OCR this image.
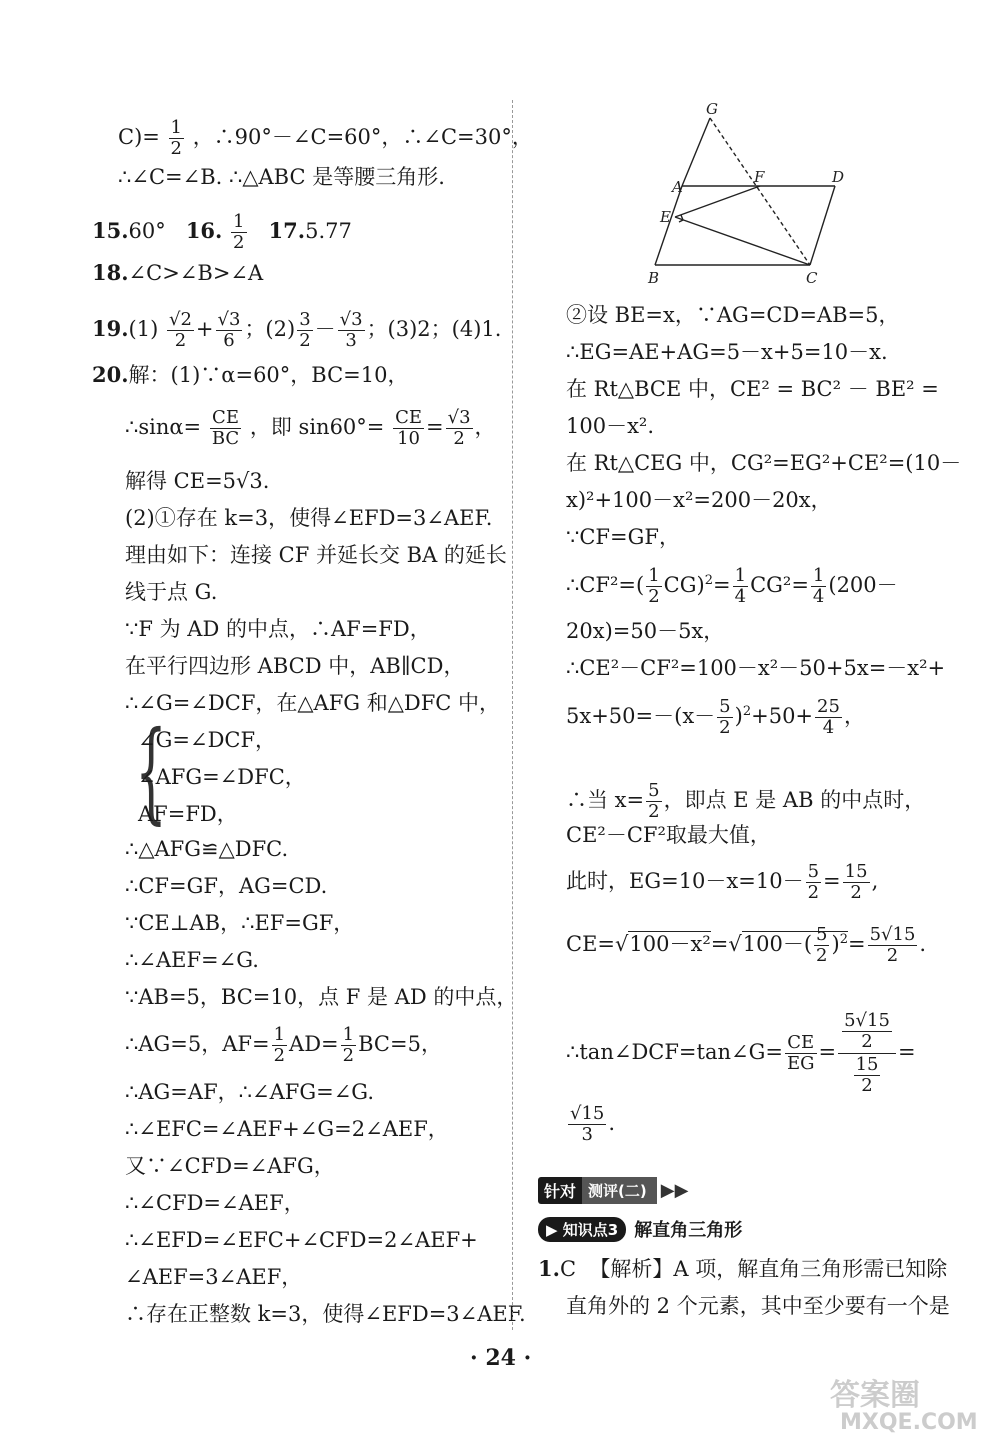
$C)= \frac{1}{2}$ ，∴90°－∠C=60°，∴∠C=30°，
∴∠C=∠B. ∴△ABC 是等腰三角形.
15.60° 16. $\frac{1}{2} 17.5.77$
18.∠C>∠B>∠A
$19.(1) \frac{√2}{2} + \frac{√3}{6}$ ；$(2) \frac{3}{2} - \frac{√3}{3}$ ；(3)2；(4)1.
20.解：(1)∵α=60°，BC=10，
∴sinα= $\frac{CE}{BC}$ ，即 $\sin 60^\circ= \frac{CE}{10} = \frac{√3}{2}$ ，
解得 CE=5√3.
(2)①存在 k=3，使得∠EFD=3∠AEF.
理由如下：连接 CF 并延长交 BA 的延长
线于点 G.
∵F 为 AD 的中点，∴AF=FD，
在平行四边形 ABCD 中，AB∥CD，
∴∠G=∠DCF，在△AFG 和△DFC 中，
{
∠G=∠DCF，
∠AFG=∠DFC，
AF=FD，
∴△AFG≌△DFC.
∴CF=GF，AG=CD.
∵CE⊥AB，∴EF=GF，
∴∠AEF=∠G.
∵AB=5，BC=10，点 F 是 AD 的中点，
∴AG=5，$AF= \frac{1}{2} AD= \frac{1}{2} BC=5$，
∴AG=AF，∴∠AFG=∠G.
∴∠EFC=∠AEF+∠G=2∠AEF，
又∵∠CFD=∠AFG，
∴∠CFD=∠AEF，
∴∠EFD=∠EFC+∠CFD=2∠AEF+
∠AEF=3∠AEF，
∴存在正整数 k=3，使得∠EFD=3∠AEF.
G
A
F	D
E
B	C
②设 BE=x，∵AG=CD=AB=5，
∴EG=AE+AG=5－x+5=10－x.
在 Rt△BCE 中，CE² = BC² － BE² =
100－x².
在 Rt△CEG 中，CG²=EG²+CE²=(10－
x)²+100－x²=200－20x，
∵CF=GF，
∴CF²=( $\frac{1}{2} CG)^2= \frac{1}{4} CG^2= \frac{1}{4} (200-$
20x)=50－5x，
∴CE²－CF²=100－x²－50+5x=－x²+
$5x+50=-(x- \frac{5}{2} )^2+50+ \frac{25}{4}$ ，
∴当 $x= \frac{5}{2}$ ，即点 E 是 AB 的中点时，
CE²－CF²取最大值，
此时，$EG=10-x=10- \frac{5}{2} = \frac{15}{2}$ ,
$CE=√100-x^2=√100-( \frac{5}{2} )^2= \frac{5√15}{2}$ .
∴tan∠DCF=tan∠G= $\frac{CE}{EG} = \frac{\frac{5√15}{2}}{\frac{15}{2}}$ =
$\frac{√15}{3}$ .
针对 测评(二) ▶▶
▶ 知识点3 解直角三角形
1.C 【解析】A 项，解直角三角形需已知除
直角外的 2 个元素，其中至少要有一个是
· 24 ·
答案圈
MXQE.COM
